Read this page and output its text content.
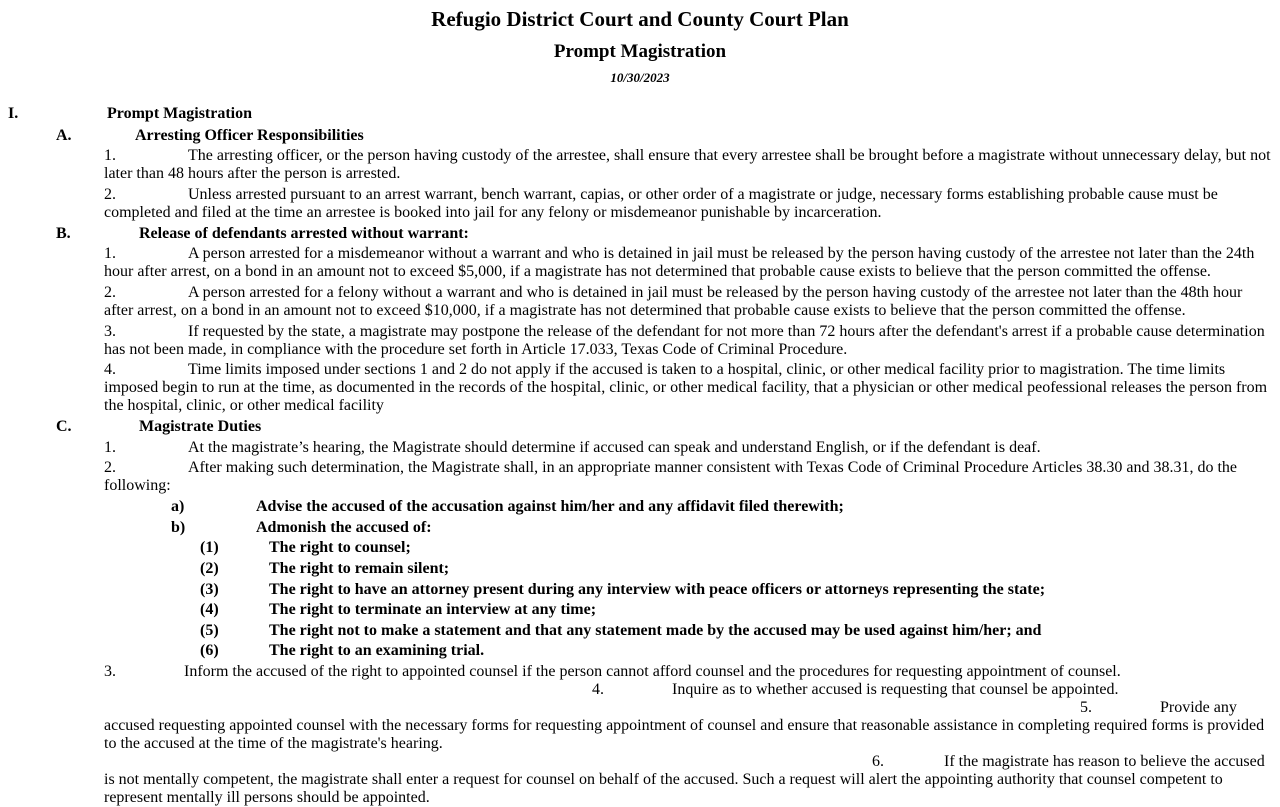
Refugio District Court and County Court Plan
Prompt Magistration
10/30/2023
I.	Prompt Magistration
A.	Arresting Officer Responsibilities
1.	The arresting officer, or the person having custody of the arrestee, shall ensure that every arrestee shall be brought before a magistrate without unnecessary delay, but not later than 48 hours after the person is arrested.
2.	Unless arrested pursuant to an arrest warrant, bench warrant, capias, or other order of a magistrate or judge, necessary forms establishing probable cause must be completed and filed at the time an arrestee is booked into jail for any felony or misdemeanor punishable by incarceration.
B.	Release of defendants arrested without warrant:
1.	A person arrested for a misdemeanor without a warrant and who is detained in jail must be released by the person having custody of the arrestee not later than the 24th hour after arrest, on a bond in an amount not to exceed $5,000, if a magistrate has not determined that probable cause exists to believe that the person committed the offense.
2.	A person arrested for a felony without a warrant and who is detained in jail must be released by the person having custody of the arrestee not later than the 48th hour after arrest, on a bond in an amount not to exceed $10,000, if a magistrate has not determined that probable cause exists to believe that the person committed the offense.
3.	If requested by the state, a magistrate may postpone the release of the defendant for not more than 72 hours after the defendant's arrest if a probable cause determination has not been made, in compliance with the procedure set forth in Article 17.033, Texas Code of Criminal Procedure.
4.	Time limits imposed under sections 1 and 2 do not apply if the accused is taken to a hospital, clinic, or other medical facility prior to magistration. The time limits imposed begin to run at the time, as documented in the records of the hospital, clinic, or other medical facility, that a physician or other medical peofessional releases the person from the hospital, clinic, or other medical facility
C.	Magistrate Duties
1.	At the magistrate’s hearing, the Magistrate should determine if accused can speak and understand English, or if the defendant is deaf.
2.	After making such determination, the Magistrate shall, in an appropriate manner consistent with Texas Code of Criminal Procedure Articles 38.30 and 38.31, do the following:
a)	Advise the accused of the accusation against him/her and any affidavit filed therewith;
b)	Admonish the accused of:
(1)	The right to counsel;
(2)	The right to remain silent;
(3)	The right to have an attorney present during any interview with peace officers or attorneys representing the state;
(4)	The right to terminate an interview at any time;
(5)	The right not to make a statement and that any statement made by the accused may be used against him/her; and
(6)	The right to an examining trial.
3.	Inform the accused of the right to appointed counsel if the person cannot afford counsel and the procedures for requesting appointment of counsel.
4.	Inquire as to whether accused is requesting that counsel be appointed.
5.	Provide any
accused requesting appointed counsel with the necessary forms for requesting appointment of counsel and ensure that reasonable assistance in completing required forms is provided to the accused at the time of the magistrate's hearing.
6.	If the magistrate has reason to believe the accused
is not mentally competent, the magistrate shall enter a request for counsel on behalf of the accused. Such a request will alert the appointing authority that counsel competent to represent mentally ill persons should be appointed.
